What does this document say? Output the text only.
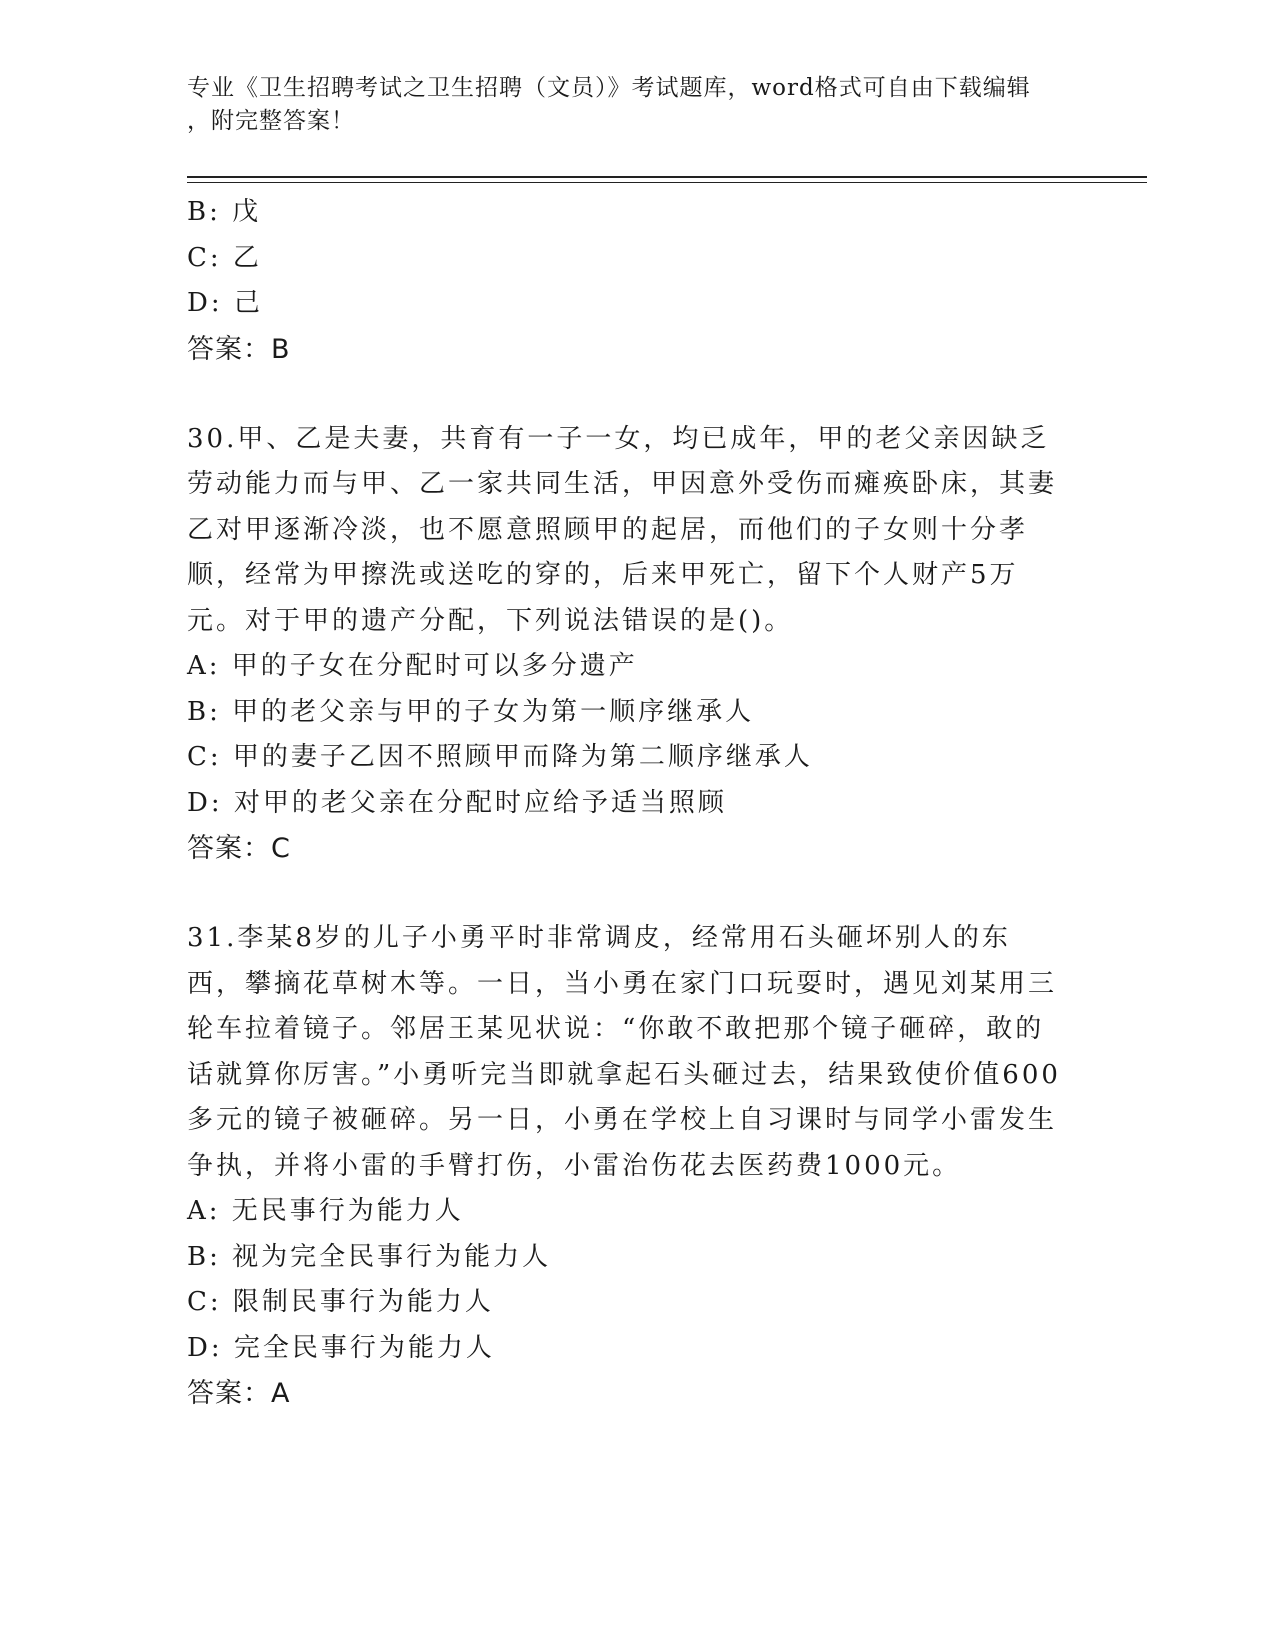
专业《卫生招聘考试之卫生招聘（文员）》考试题库，word格式可自由下载编辑
，附完整答案！
B: 戊
C: 乙
D: 己
答案：B
30.甲、乙是夫妻，共育有一子一女，均已成年，甲的老父亲因缺乏劳动能力而与甲、乙一家共同生活，甲因意外受伤而瘫痪卧床，其妻乙对甲逐渐冷淡，也不愿意照顾甲的起居，而他们的子女则十分孝顺，经常为甲擦洗或送吃的穿的，后来甲死亡，留下个人财产5万元。对于甲的遗产分配，下列说法错误的是()。
A: 甲的子女在分配时可以多分遗产
B: 甲的老父亲与甲的子女为第一顺序继承人
C: 甲的妻子乙因不照顾甲而降为第二顺序继承人
D: 对甲的老父亲在分配时应给予适当照顾
答案：C
31.李某8岁的儿子小勇平时非常调皮，经常用石头砸坏别人的东西，攀摘花草树木等。一日，当小勇在家门口玩耍时，遇见刘某用三轮车拉着镜子。邻居王某见状说：“你敢不敢把那个镜子砸碎，敢的话就算你厉害。”小勇听完当即就拿起石头砸过去，结果致使价值600多元的镜子被砸碎。另一日，小勇在学校上自习课时与同学小雷发生争执，并将小雷的手臂打伤，小雷治伤花去医药费1000元。
A: 无民事行为能力人
B: 视为完全民事行为能力人
C: 限制民事行为能力人
D: 完全民事行为能力人
答案：A
